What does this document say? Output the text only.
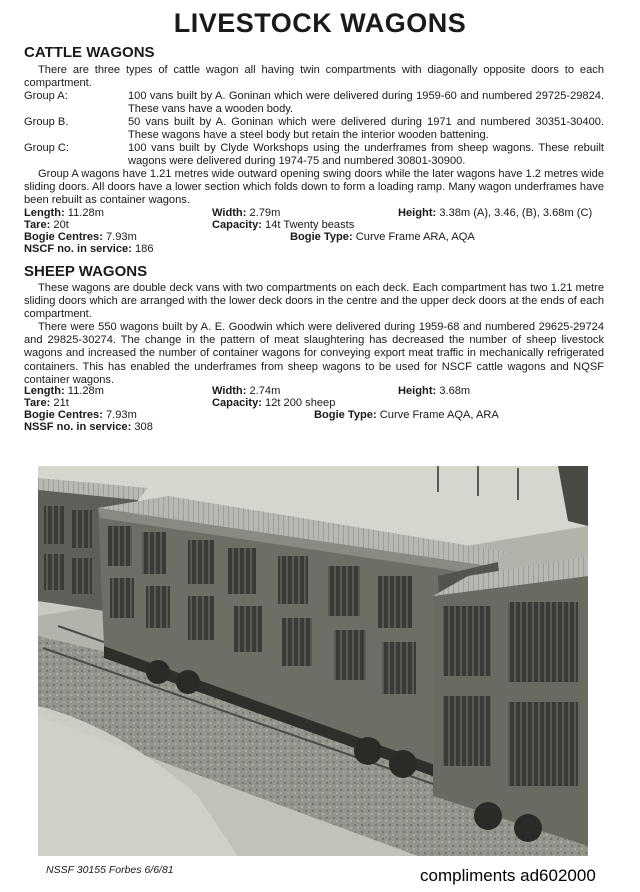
LIVESTOCK WAGONS
CATTLE WAGONS

There are three types of cattle wagon all having twin compartments with diagonally opposite doors to each compartment.

Group A:	100 vans built by A. Goninan which were delivered during 1959-60 and numbered 29725-29824. These vans have a wooden body.
Group B.	50 vans built by A. Goninan which were delivered during 1971 and numbered 30351-30400. These wagons have a steel body but retain the interior wooden battening.
Group C:	100 vans built by Clyde Workshops using the underframes from sheep wagons. These rebuilt wagons were delivered during 1974-75 and numbered 30801-30900.

Group A wagons have 1.21 metres wide outward opening swing doors while the later wagons have 1.2 metres wide sliding doors. All doors have a lower section which folds down to form a loading ramp. Many wagon underframes have been rebuilt as container wagons.

Length: 11.28m	Width: 2.79m	Height: 3.38m (A), 3.46, (B), 3.68m (C)
Tare: 20t	Capacity: 14t Twenty beasts
Bogie Centres: 7.93m	Bogie Type: Curve Frame ARA, AQA
NSCF no. in service: 186
SHEEP WAGONS

These wagons are double deck vans with two compartments on each deck. Each compartment has two 1.21 metre sliding doors which are arranged with the lower deck doors in the centre and the upper deck doors at the ends of each compartment.

There were 550 wagons built by A. E. Goodwin which were delivered during 1959-68 and numbered 29625-29724 and 29825-30274. The change in the pattern of meat slaughtering has decreased the number of sheep livestock wagons and increased the number of container wagons for conveying export meat traffic in mechanically refrigerated containers. This has enabled the underframes from sheep wagons to be used for NSCF cattle wagons and NQSF container wagons.

Length: 11.28m	Width: 2.74m	Height: 3.68m
Tare: 21t	Capacity: 12t 200 sheep
Bogie Centres: 7.93m	Bogie Type: Curve Frame AQA, ARA
NSSF no. in service: 308
NSSF 30155 Forbes 6/6/81	compliments ad602000
